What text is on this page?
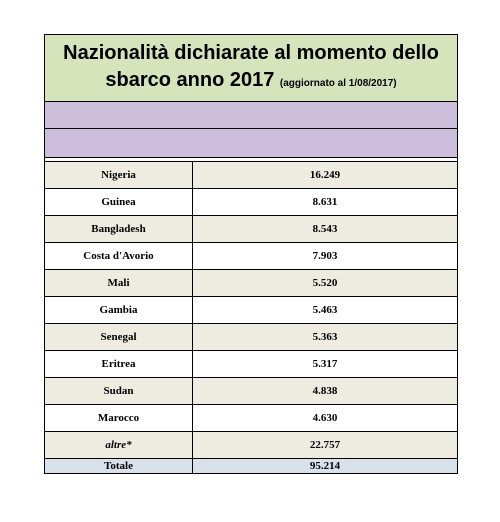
Nazionalità dichiarate al momento dello
sbarco anno 2017 (aggiornato al 1/08/2017)
Nigeria	16.249
Guinea	8.631
Bangladesh	8.543
Costa d'Avorio	7.903
Mali	5.520
Gambia	5.463
Senegal	5.363
Eritrea	5.317
Sudan	4.838
Marocco	4.630
altre*	22.757
Totale	95.214
